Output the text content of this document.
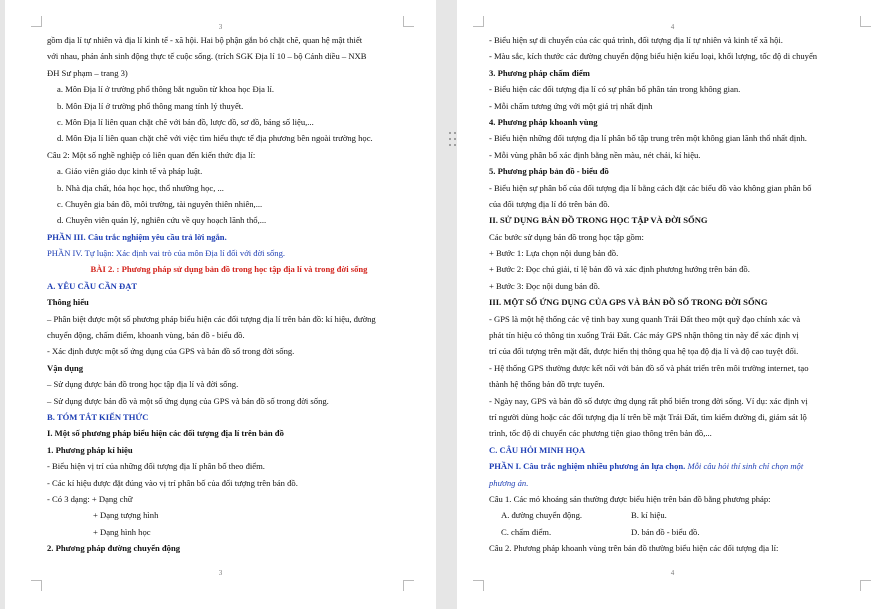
3
gồm địa lí tự nhiên và địa lí kinh tế - xã hội. Hai bộ phận gắn bó chặt chẽ, quan hệ mật thiết
với nhau, phản ánh sinh động thực tế cuộc sống. (trích SGK Địa lí 10 – bộ Cánh diều – NXB
ĐH Sư phạm – trang 3)
a. Môn Địa lí ở trường phổ thông bắt nguồn từ khoa học Địa lí.
b. Môn Địa lí ở trường phổ thông mang tính lý thuyết.
c. Môn Địa lí liên quan chặt chẽ với bản đồ, lược đồ, sơ đồ, bảng số liệu,...
d. Môn Địa lí liên quan chặt chẽ với việc tìm hiểu thực tế địa phương bên ngoài trường học.
Câu 2: Một số nghề nghiệp có liên quan đến kiến thức địa lí:
a. Giáo viên giáo dục kinh tế và pháp luật.
b. Nhà địa chất, hóa học học, thổ nhưỡng học, ...
c. Chuyên gia bản đồ, môi trường, tài nguyên thiên nhiên,...
d. Chuyên viên quản lý, nghiên cứu về quy hoạch lãnh thổ,...
PHẦN III. Câu trắc nghiệm yêu cầu trả lời ngắn.
PHẦN IV. Tự luận: Xác định vai trò của môn Địa lí đối với đời sống.
BÀI 2. : Phương pháp sử dụng bản đồ trong học tập địa lí và trong đời sống
A. YÊU CẦU CẦN ĐẠT
Thông hiểu
– Phân biệt được một số phương pháp biểu hiện các đối tượng địa lí trên bản đồ: kí hiệu, đường
chuyển động, chấm điểm, khoanh vùng, bản đồ - biểu đồ.
- Xác định được một số ứng dụng của GPS và bản đồ số trong đời sống.
Vận dụng
– Sử dụng được bản đồ trong học tập địa lí và đời sống.
– Sử dụng được bản đồ và một số ứng dụng của GPS và bản đồ số trong đời sống.
B. TÓM TẮT KIẾN THỨC
I. Một số phương pháp biểu hiện các đối tượng địa lí trên bản đồ
1. Phương pháp kí hiệu
- Biểu hiện vị trí của những đối tượng địa lí phân bố theo điểm.
- Các kí hiệu được đặt đúng vào vị trí phân bố của đối tượng trên bản đồ.
- Có 3 dạng: + Dạng chữ
+ Dạng tượng hình
+ Dạng hình học
2. Phương pháp đường chuyển động
3
4
- Biểu hiện sự di chuyển của các quá trình, đối tượng địa lí tự nhiên và kinh tế xã hội.
- Màu sắc, kích thước các đường chuyển động biểu hiện kiểu loại, khối lượng, tốc độ di chuyển
3. Phương pháp chấm điểm
- Biểu hiện các đối tượng địa lí có sự phân bố phân tán trong không gian.
- Mỗi chấm tương ứng với một giá trị nhất định
4. Phương pháp khoanh vùng
- Biểu hiện những đối tượng địa lí phân bố tập trung trên một không gian lãnh thổ nhất định.
- Mỗi vùng phân bố xác định bằng nền màu, nét chải, kí hiệu.
5. Phương pháp bản đồ - biểu đồ
- Biểu hiện sự phân bố của đối tượng địa lí bằng cách đặt các biểu đồ vào không gian phân bố
của đối tượng địa lí đó trên bản đồ.
II. SỬ DỤNG BẢN ĐỒ TRONG HỌC TẬP VÀ ĐỜI SỐNG
Các bước sử dụng bản đồ trong học tập gồm:
+ Bước 1: Lựa chọn nội dung bản đồ.
+ Bước 2: Đọc chú giải, tỉ lệ bản đồ và xác định phương hướng trên bản đồ.
+ Bước 3: Đọc nội dung bản đồ.
III. MỘT SỐ ỨNG DỤNG CỦA GPS VÀ BẢN ĐỒ SỐ TRONG ĐỜI SỐNG
- GPS là một hệ thống các vệ tinh bay xung quanh Trái Đất theo một quỹ đạo chính xác và
phát tín hiệu có thông tin xuống Trái Đất. Các máy GPS nhận thông tin này để xác định vị
trí của đối tượng trên mặt đất, được hiển thị thông qua hệ tọa độ địa lí và độ cao tuyệt đối.
- Hệ thống GPS thường được kết nối với bản đồ số và phát triển trên môi trường internet, tạo
thành hệ thống bản đồ trực tuyến.
- Ngày nay, GPS và bản đồ số được ứng dụng rất phổ biến trong đời sống. Ví dụ: xác định vị
trí người dùng hoặc các đối tượng địa lí trên bề mặt Trái Đất, tìm kiếm đường đi, giám sát lộ
trình, tốc độ di chuyển các phương tiện giao thông trên bản đồ,...
C. CÂU HỎI MINH HỌA
PHẦN I. Câu trắc nghiệm nhiều phương án lựa chọn. Mỗi câu hỏi thí sinh chỉ chọn một
phương án.
Câu 1. Các mỏ khoáng sản thường được biểu hiện trên bản đồ bằng phương pháp:
A. đường chuyển động.	B. kí hiệu.
C. chấm điểm.	D. bản đồ - biểu đồ.
Câu 2. Phương pháp khoanh vùng trên bản đồ thường biểu hiện các đối tượng địa lí:
4
